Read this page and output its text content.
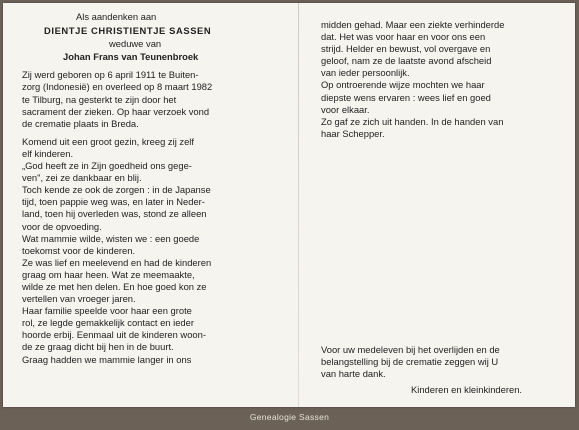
Als aandenken aan
DIENTJE CHRISTIENTJE SASSEN
weduwe van
Johan Frans van Teunenbroek
Zij werd geboren op 6 april 1911 te Buiten-
zorg (Indonesië) en overleed op 8 maart 1982
te Tilburg, na gesterkt te zijn door het
sacrament der zieken. Op haar verzoek vond
de crematie plaats in Breda.
Komend uit een groot gezin, kreeg zij zelf
elf kinderen.
„God heeft ze in Zijn goedheid ons gege-
ven", zei ze dankbaar en blij.
Toch kende ze ook de zorgen : in de Japanse
tijd, toen pappie weg was, en later in Neder-
land, toen hij overleden was, stond ze alleen
voor de opvoeding.
Wat mammie wilde, wisten we : een goede
toekomst voor de kinderen.
Ze was lief en meelevend en had de kinderen
graag om haar heen. Wat ze meemaakte,
wilde ze met hen delen. En hoe goed kon ze
vertellen van vroeger jaren.
Haar familie speelde voor haar een grote
rol, ze legde gemakkelijk contact en ieder
hoorde erbij. Eenmaal uit de kinderen woon-
de ze graag dicht bij hen in de buurt.
Graag hadden we mammie langer in ons
midden gehad. Maar een ziekte verhinderde
dat. Het was voor haar en voor ons een
strijd. Helder en bewust, vol overgave en
geloof, nam ze de laatste avond afscheid
van ieder persoonlijk.
Op ontroerende wijze mochten we haar
diepste wens ervaren : wees lief en goed
voor elkaar.
Zo gaf ze zich uit handen. In de handen van
haar Schepper.
Voor uw medeleven bij het overlijden en de
belangstelling bij de crematie zeggen wij U
van harte dank.
Kinderen en kleinkinderen.
Genealogie Sassen
